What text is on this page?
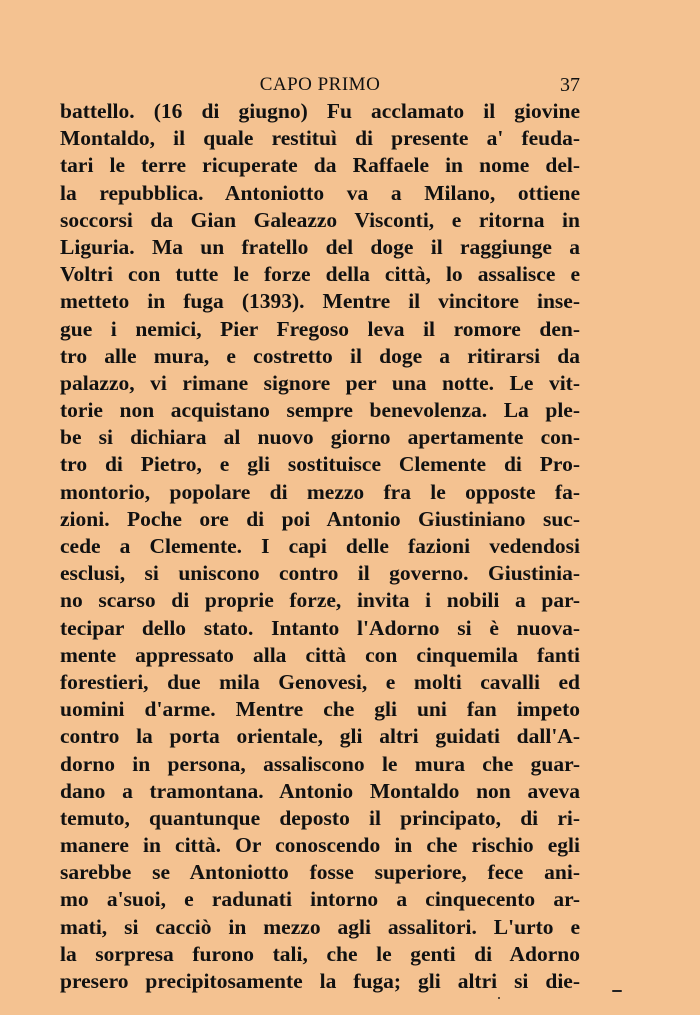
CAPO PRIMO	37
battello. (16 di giugno) Fu acclamato il giovine
Montaldo, il quale restituì di presente a' feuda-
tari le terre ricuperate da Raffaele in nome del-
la repubblica. Antoniotto va a Milano, ottiene
soccorsi da Gian Galeazzo Visconti, e ritorna in
Liguria. Ma un fratello del doge il raggiunge a
Voltri con tutte le forze della città, lo assalisce e
metteto in fuga (1393). Mentre il vincitore inse-
gue i nemici, Pier Fregoso leva il romore den-
tro alle mura, e costretto il doge a ritirarsi da
palazzo, vi rimane signore per una notte. Le vit-
torie non acquistano sempre benevolenza. La ple-
be si dichiara al nuovo giorno apertamente con-
tro di Pietro, e gli sostituisce Clemente di Pro-
montorio, popolare di mezzo fra le opposte fa-
zioni. Poche ore di poi Antonio Giustiniano suc-
cede a Clemente. I capi delle fazioni vedendosi
esclusi, si uniscono contro il governo. Giustinia-
no scarso di proprie forze, invita i nobili a par-
tecipar dello stato. Intanto l'Adorno si è nuova-
mente appressato alla città con cinquemila fanti
forestieri, due mila Genovesi, e molti cavalli ed
uomini d'arme. Mentre che gli uni fan impeto
contro la porta orientale, gli altri guidati dall'A-
dorno in persona, assaliscono le mura che guar-
dano a tramontana. Antonio Montaldo non aveva
temuto, quantunque deposto il principato, di ri-
manere in città. Or conoscendo in che rischio egli
sarebbe se Antoniotto fosse superiore, fece ani-
mo a'suoi, e radunati intorno a cinquecento ar-
mati, si cacciò in mezzo agli assalitori. L'urto e
la sorpresa furono tali, che le genti di Adorno
presero precipitosamente la fuga; gli altri si die-
